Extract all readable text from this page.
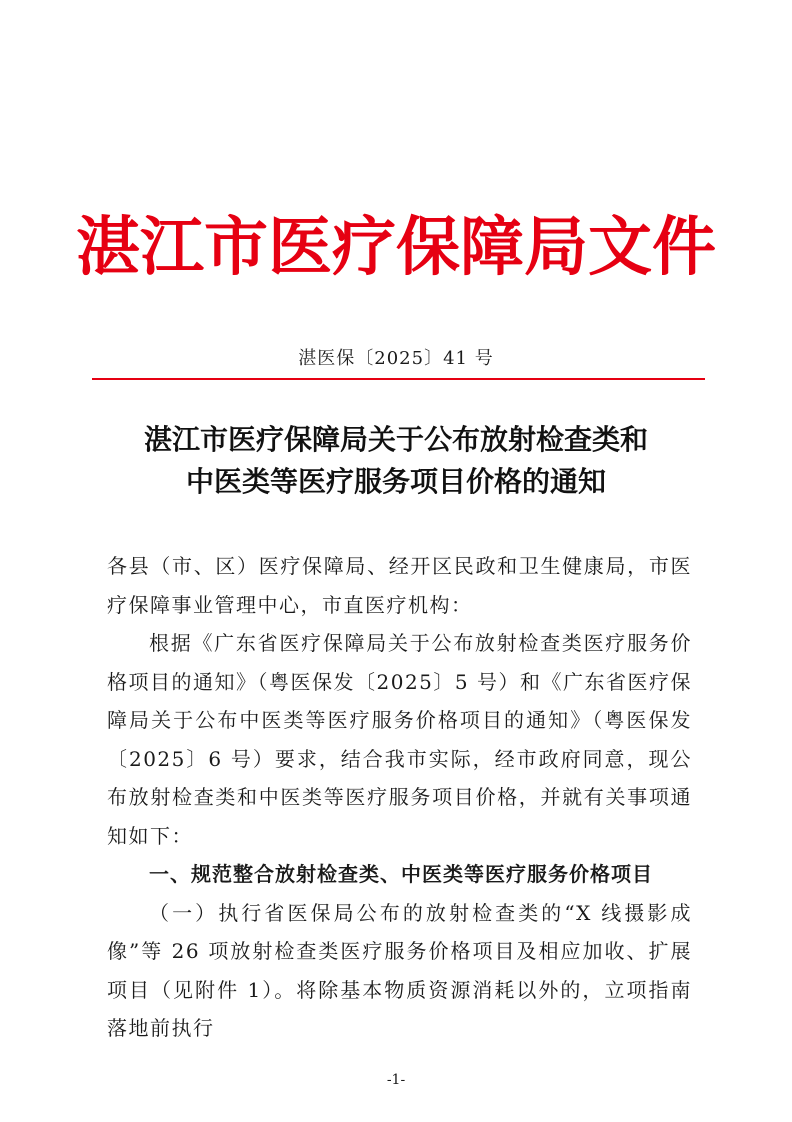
湛江市医疗保障局文件
湛医保〔2025〕41 号
湛江市医疗保障局关于公布放射检查类和
中医类等医疗服务项目价格的通知

各县（市、区）医疗保障局、经开区民政和卫生健康局，市医疗保障事业管理中心，市直医疗机构：

根据《广东省医疗保障局关于公布放射检查类医疗服务价格项目的通知》（粤医保发〔2025〕5 号）和《广东省医疗保障局关于公布中医类等医疗服务价格项目的通知》（粤医保发〔2025〕6 号）要求，结合我市实际，经市政府同意，现公布放射检查类和中医类等医疗服务项目价格，并就有关事项通知如下：

一、规范整合放射检查类、中医类等医疗服务价格项目

（一）执行省医保局公布的放射检查类的“X 线摄影成像”等 26 项放射检查类医疗服务价格项目及相应加收、扩展项目（见附件 1）。将除基本物质资源消耗以外的，立项指南落地前执行

-1-
